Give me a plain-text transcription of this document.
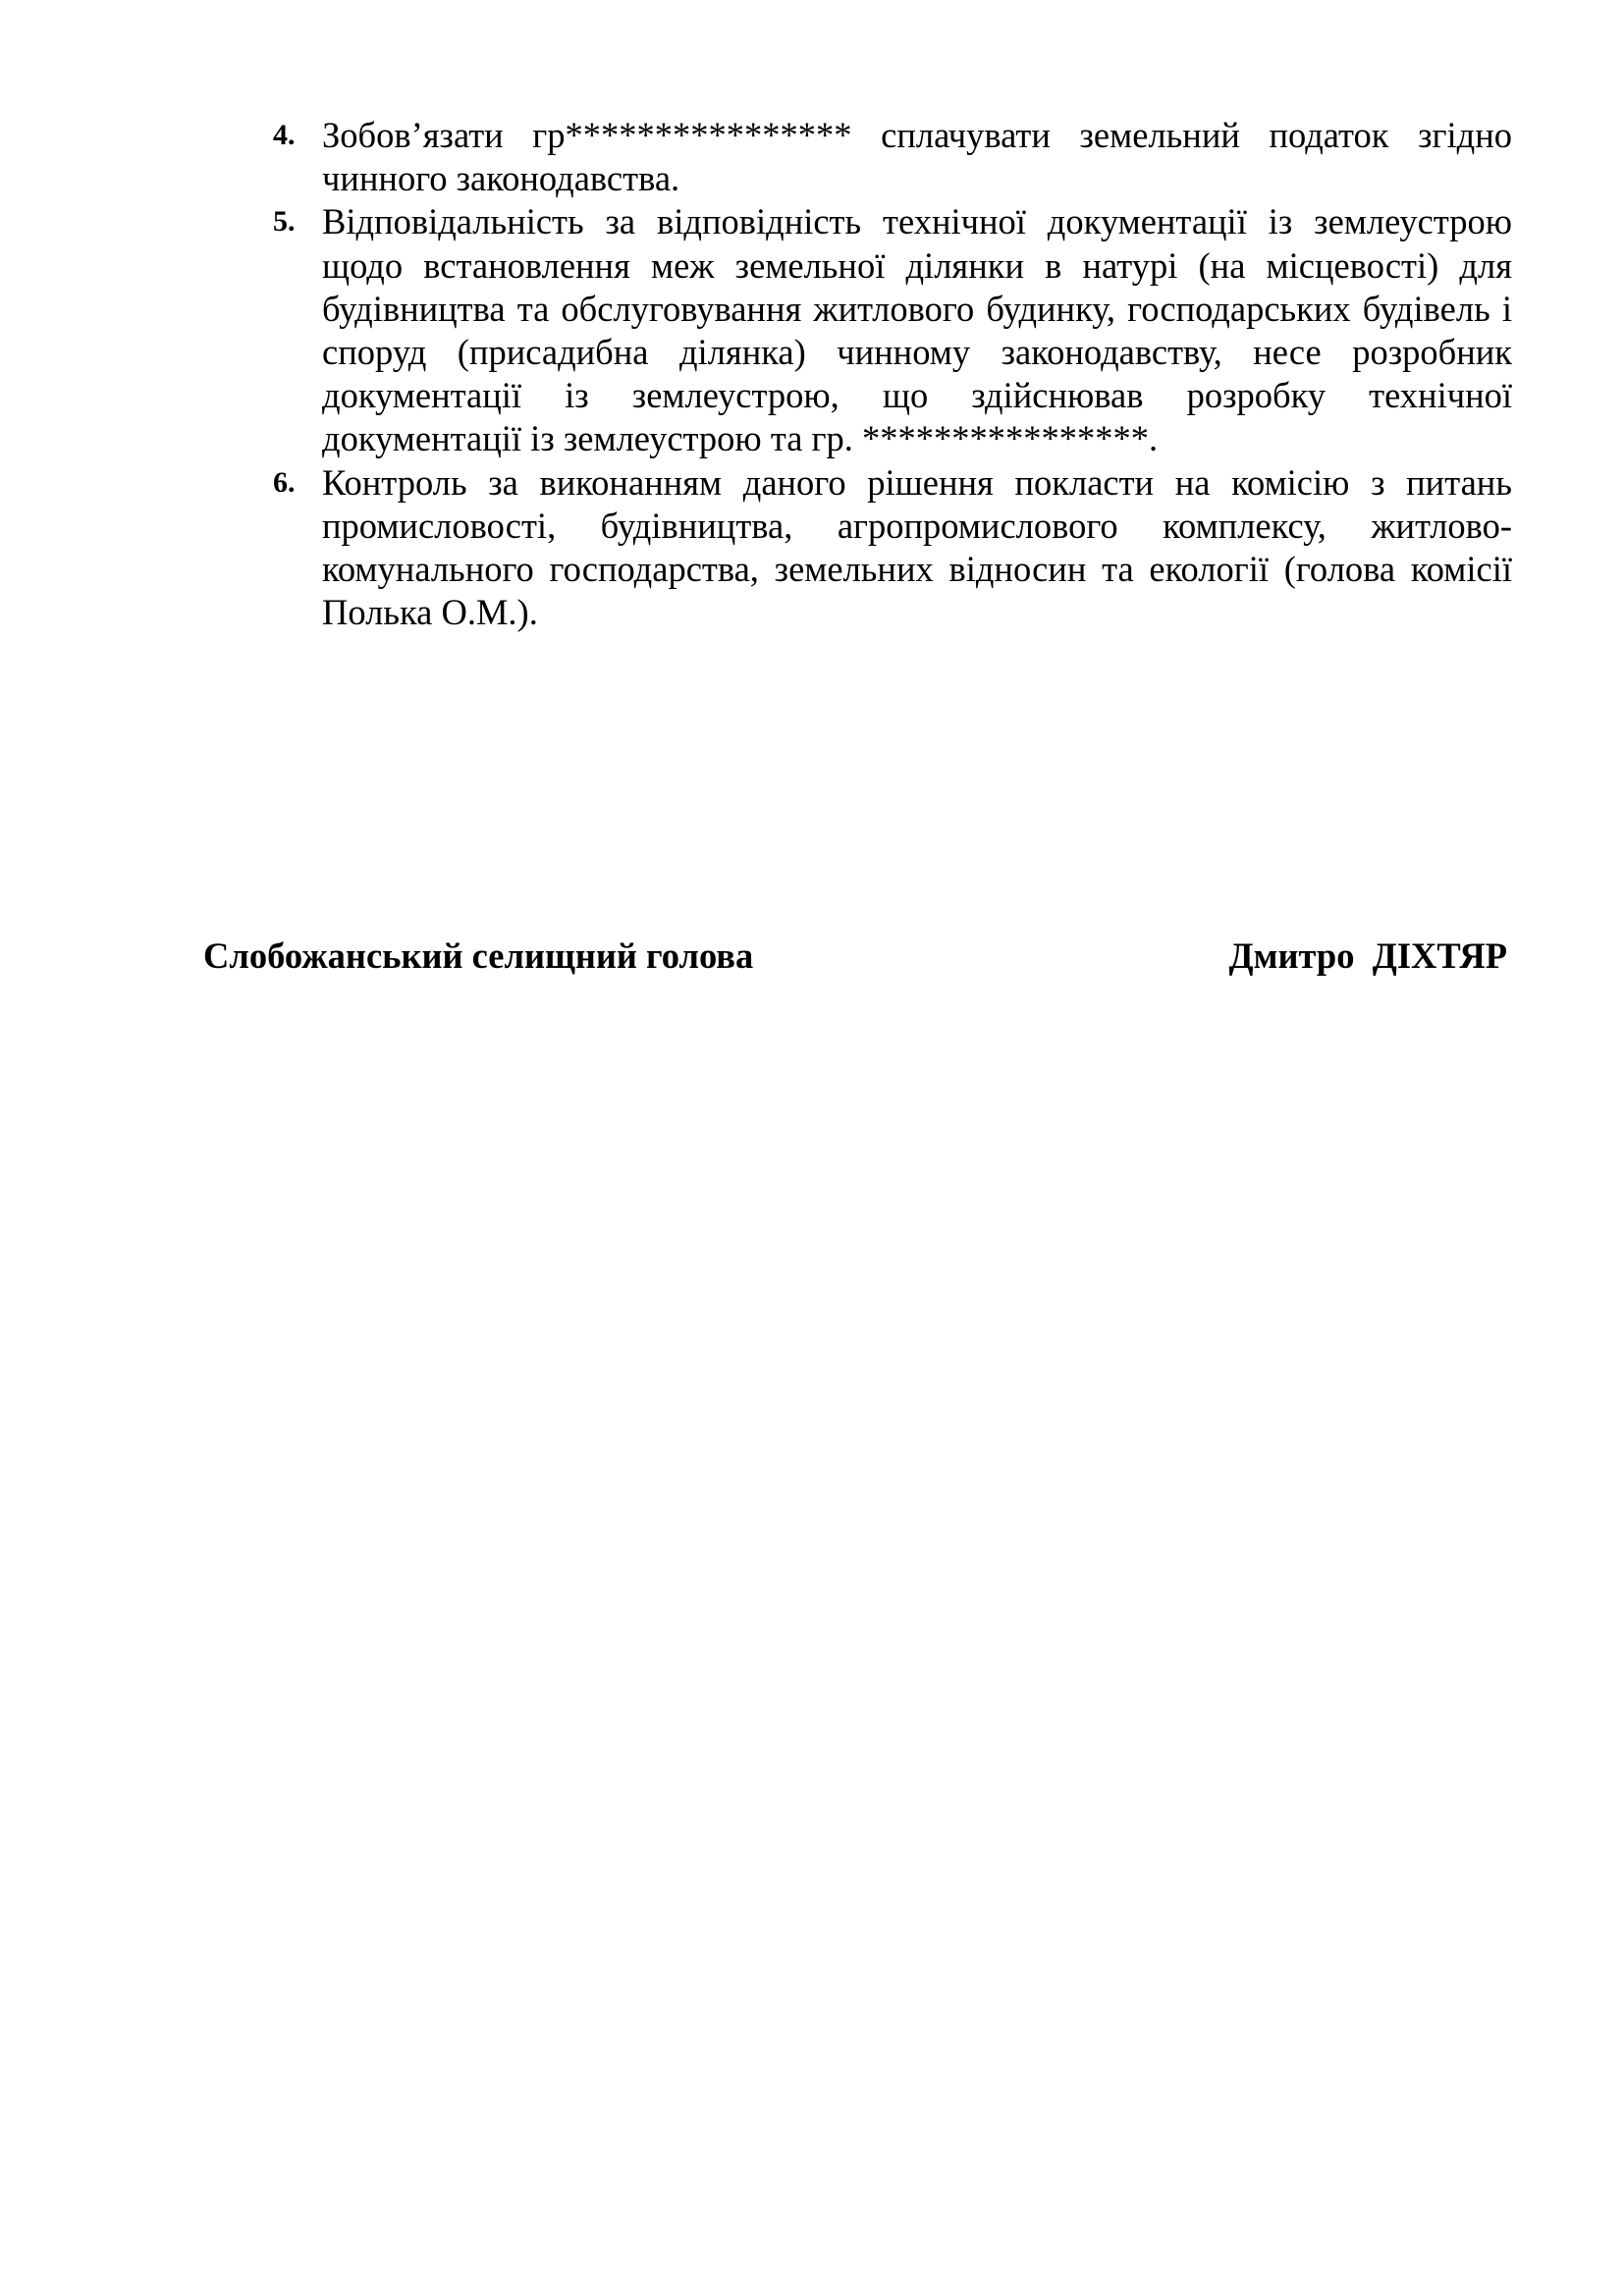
4. Зобов’язати гр**************** сплачувати земельний податок згідно чинного законодавства.
5. Відповідальність за відповідність технічної документації із землеустрою щодо встановлення меж земельної ділянки в натурі (на місцевості) для будівництва та обслуговування житлового будинку, господарських будівель і споруд (присадибна ділянка) чинному законодавству, несе розробник документації із землеустрою, що здійснював розробку технічної документації із землеустрою та гр. ****************.
6. Контроль за виконанням даного рішення покласти на комісію з питань промисловості, будівництва, агропромислового комплексу, житлово-комунального господарства, земельних відносин та екології (голова комісії Полька О.М.).
Слобожанський селищний голова	Дмитро  ДІХТЯР
